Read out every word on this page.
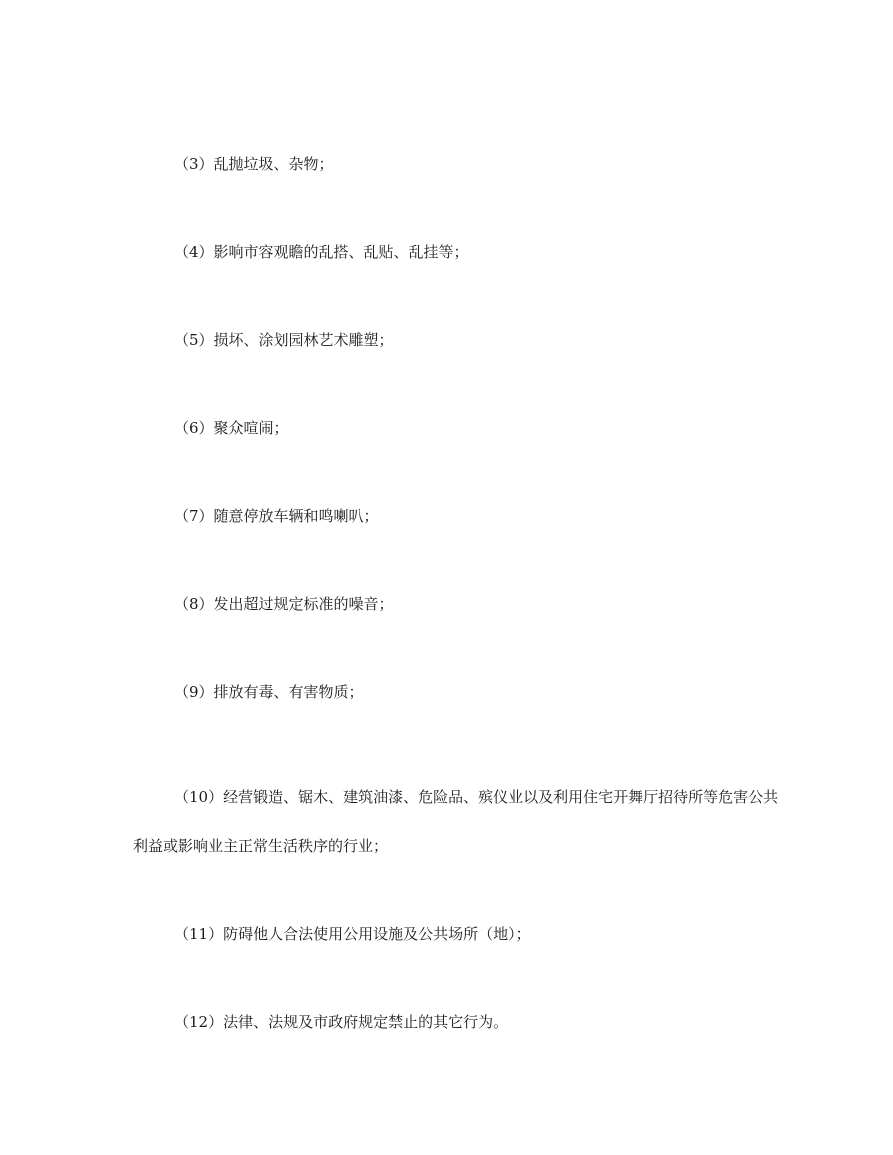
（3）乱抛垃圾、杂物；

（4）影响市容观瞻的乱搭、乱贴、乱挂等；

（5）损坏、涂划园林艺术雕塑；

（6）聚众喧闹；

（7）随意停放车辆和鸣喇叭；

（8）发出超过规定标准的噪音；

（9）排放有毒、有害物质；

（10）经营锻造、锯木、建筑油漆、危险品、殡仪业以及利用住宅开舞厅招待所等危害公共利益或影响业主正常生活秩序的行业；

（11）防碍他人合法使用公用设施及公共场所（地）；

（12）法律、法规及市政府规定禁止的其它行为。
